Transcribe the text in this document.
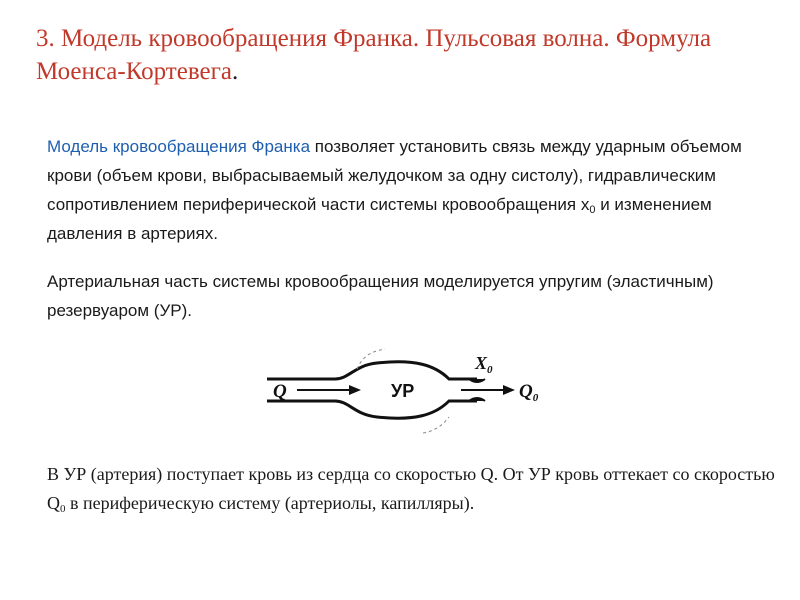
3. Модель кровообращения Франка. Пульсовая волна. Формула Моенса-Кортевега.

Модель кровообращения Франка позволяет установить связь между ударным объемом крови (объем крови, выбрасываемый желудочком за одну систолу), гидравлическим сопротивлением периферической части системы кровообращения $x_0$ и изменением давления в артериях.

Артериальная часть системы кровообращения моделируется упругим (эластичным) резервуаром (УР).

Q	УР
$X_0$
$Q_0$

В УР (артерия) поступает кровь из сердца со скоростью Q. От УР кровь оттекает со скоростью $Q_0$ в периферическую систему (артериолы, капилляры).
